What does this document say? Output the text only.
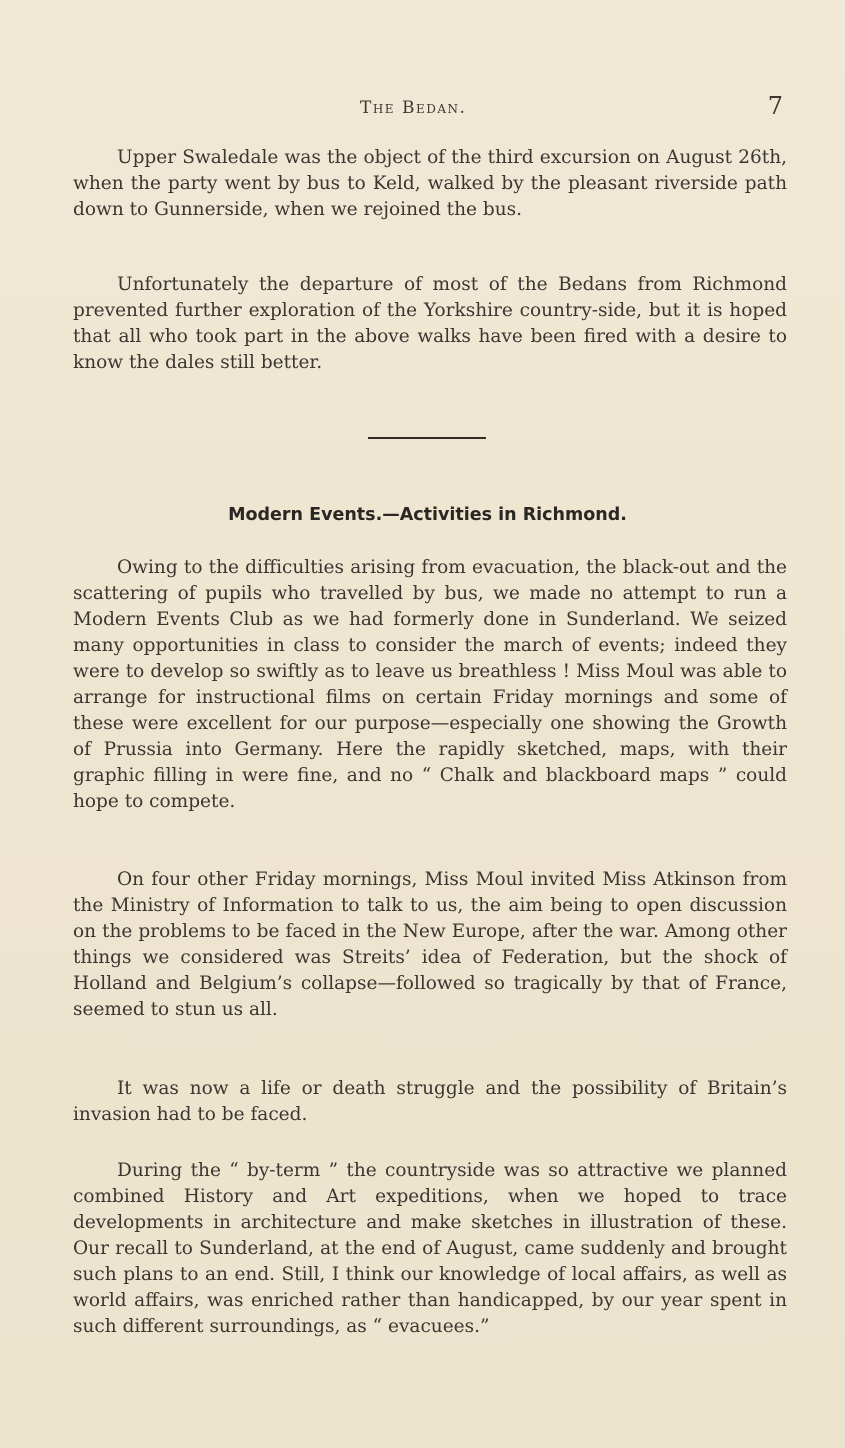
The Bedan.	7

Upper Swaledale was the object of the third excursion on August 26th, when the party went by bus to Keld, walked by the pleasant riverside path down to Gunnerside, when we rejoined the bus.

Unfortunately the departure of most of the Bedans from Richmond prevented further exploration of the Yorkshire country-side, but it is hoped that all who took part in the above walks have been fired with a desire to know the dales still better.

Modern Events.—Activities in Richmond.

Owing to the difficulties arising from evacuation, the black-out and the scattering of pupils who travelled by bus, we made no attempt to run a Modern Events Club as we had formerly done in Sunderland. We seized many opportunities in class to consider the march of events; indeed they were to develop so swiftly as to leave us breathless ! Miss Moul was able to arrange for instructional films on certain Friday mornings and some of these were excellent for our purpose—especially one showing the Growth of Prussia into Germany. Here the rapidly sketched, maps, with their graphic filling in were fine, and no “ Chalk and blackboard maps ” could hope to compete.

On four other Friday mornings, Miss Moul invited Miss Atkinson from the Ministry of Information to talk to us, the aim being to open discussion on the problems to be faced in the New Europe, after the war. Among other things we considered was Streits’ idea of Federation, but the shock of Holland and Belgium’s collapse—followed so tragically by that of France, seemed to stun us all.

It was now a life or death struggle and the possibility of Britain’s invasion had to be faced.

During the “ by-term ” the countryside was so attractive we planned combined History and Art expeditions, when we hoped to trace developments in architecture and make sketches in illustration of these. Our recall to Sunderland, at the end of August, came suddenly and brought such plans to an end. Still, I think our knowledge of local affairs, as well as world affairs, was enriched rather than handicapped, by our year spent in such different surroundings, as “ evacuees.”
